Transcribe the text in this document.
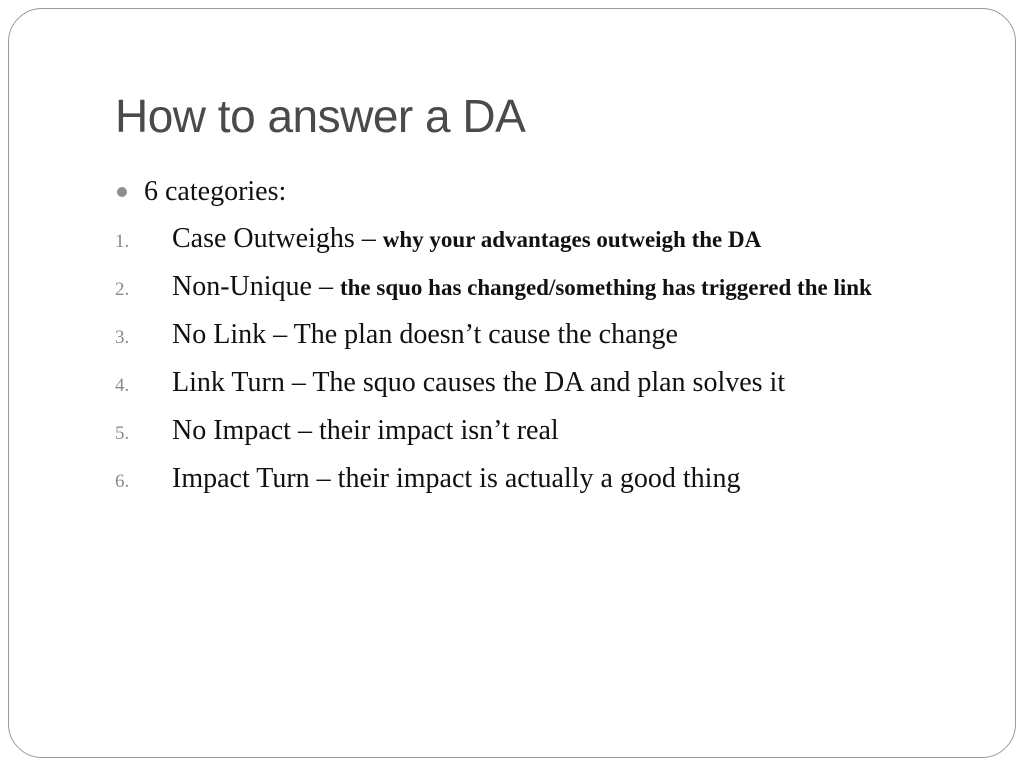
How to answer a DA
6 categories:
1. Case Outweighs – why your advantages outweigh the DA
2. Non-Unique – the squo has changed/something has triggered the link
3. No Link – The plan doesn’t cause the change
4. Link Turn – The squo causes the DA and plan solves it
5. No Impact – their impact isn’t real
6. Impact Turn – their impact is actually a good thing
